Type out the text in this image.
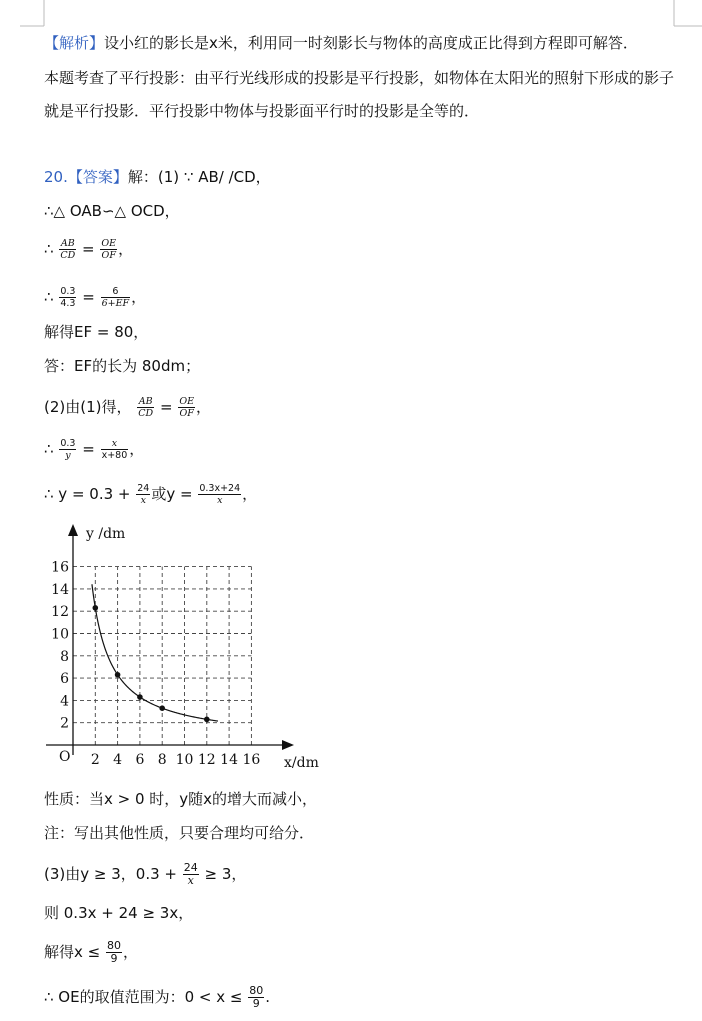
【解析】设小红的影长是x米，利用同一时刻影长与物体的高度成正比得到方程即可解答．
本题考查了平行投影：由平行光线形成的投影是平行投影，如物体在太阳光的照射下形成的影子
就是平行投影．平行投影中物体与投影面平行时的投影是全等的．
20.【答案】解：(1) ∵ AB/ /CD，
∴△ OAB∽△ OCD，
∴ $\frac{AB}{CD} = \frac{OE}{OF}$ ，
∴ $\frac{0.3}{4.3} = \frac{6}{6+EF}$ ，
解得EF = 80，
答：EF的长为 80dm；
(2)由(1)得， $\frac{AB}{CD} = \frac{OE}{OF}$ ，
∴ $\frac{0.3}{y} = \frac{x}{x+80}$ ，
∴ $y = 0.3 + \frac{24}{x}$ 或$y = \frac{0.3x+24}{x}$ ，
2 4 6 8 10 12 14 16
2
4
6
8
10
12
14
16
O
y /dm
x/dm
性质：当x > 0 时，y随x的增大而减小，
注：写出其他性质，只要合理均可给分．
(3)由y ≥ 3，$0.3 + \frac{24}{x} \ge 3$，
则 0.3x + 24 ≥ 3x，
解得$x \le \frac{80}{9}$ ，
∴ OE的取值范围为：$0 < x \le \frac{80}{9}$ .
